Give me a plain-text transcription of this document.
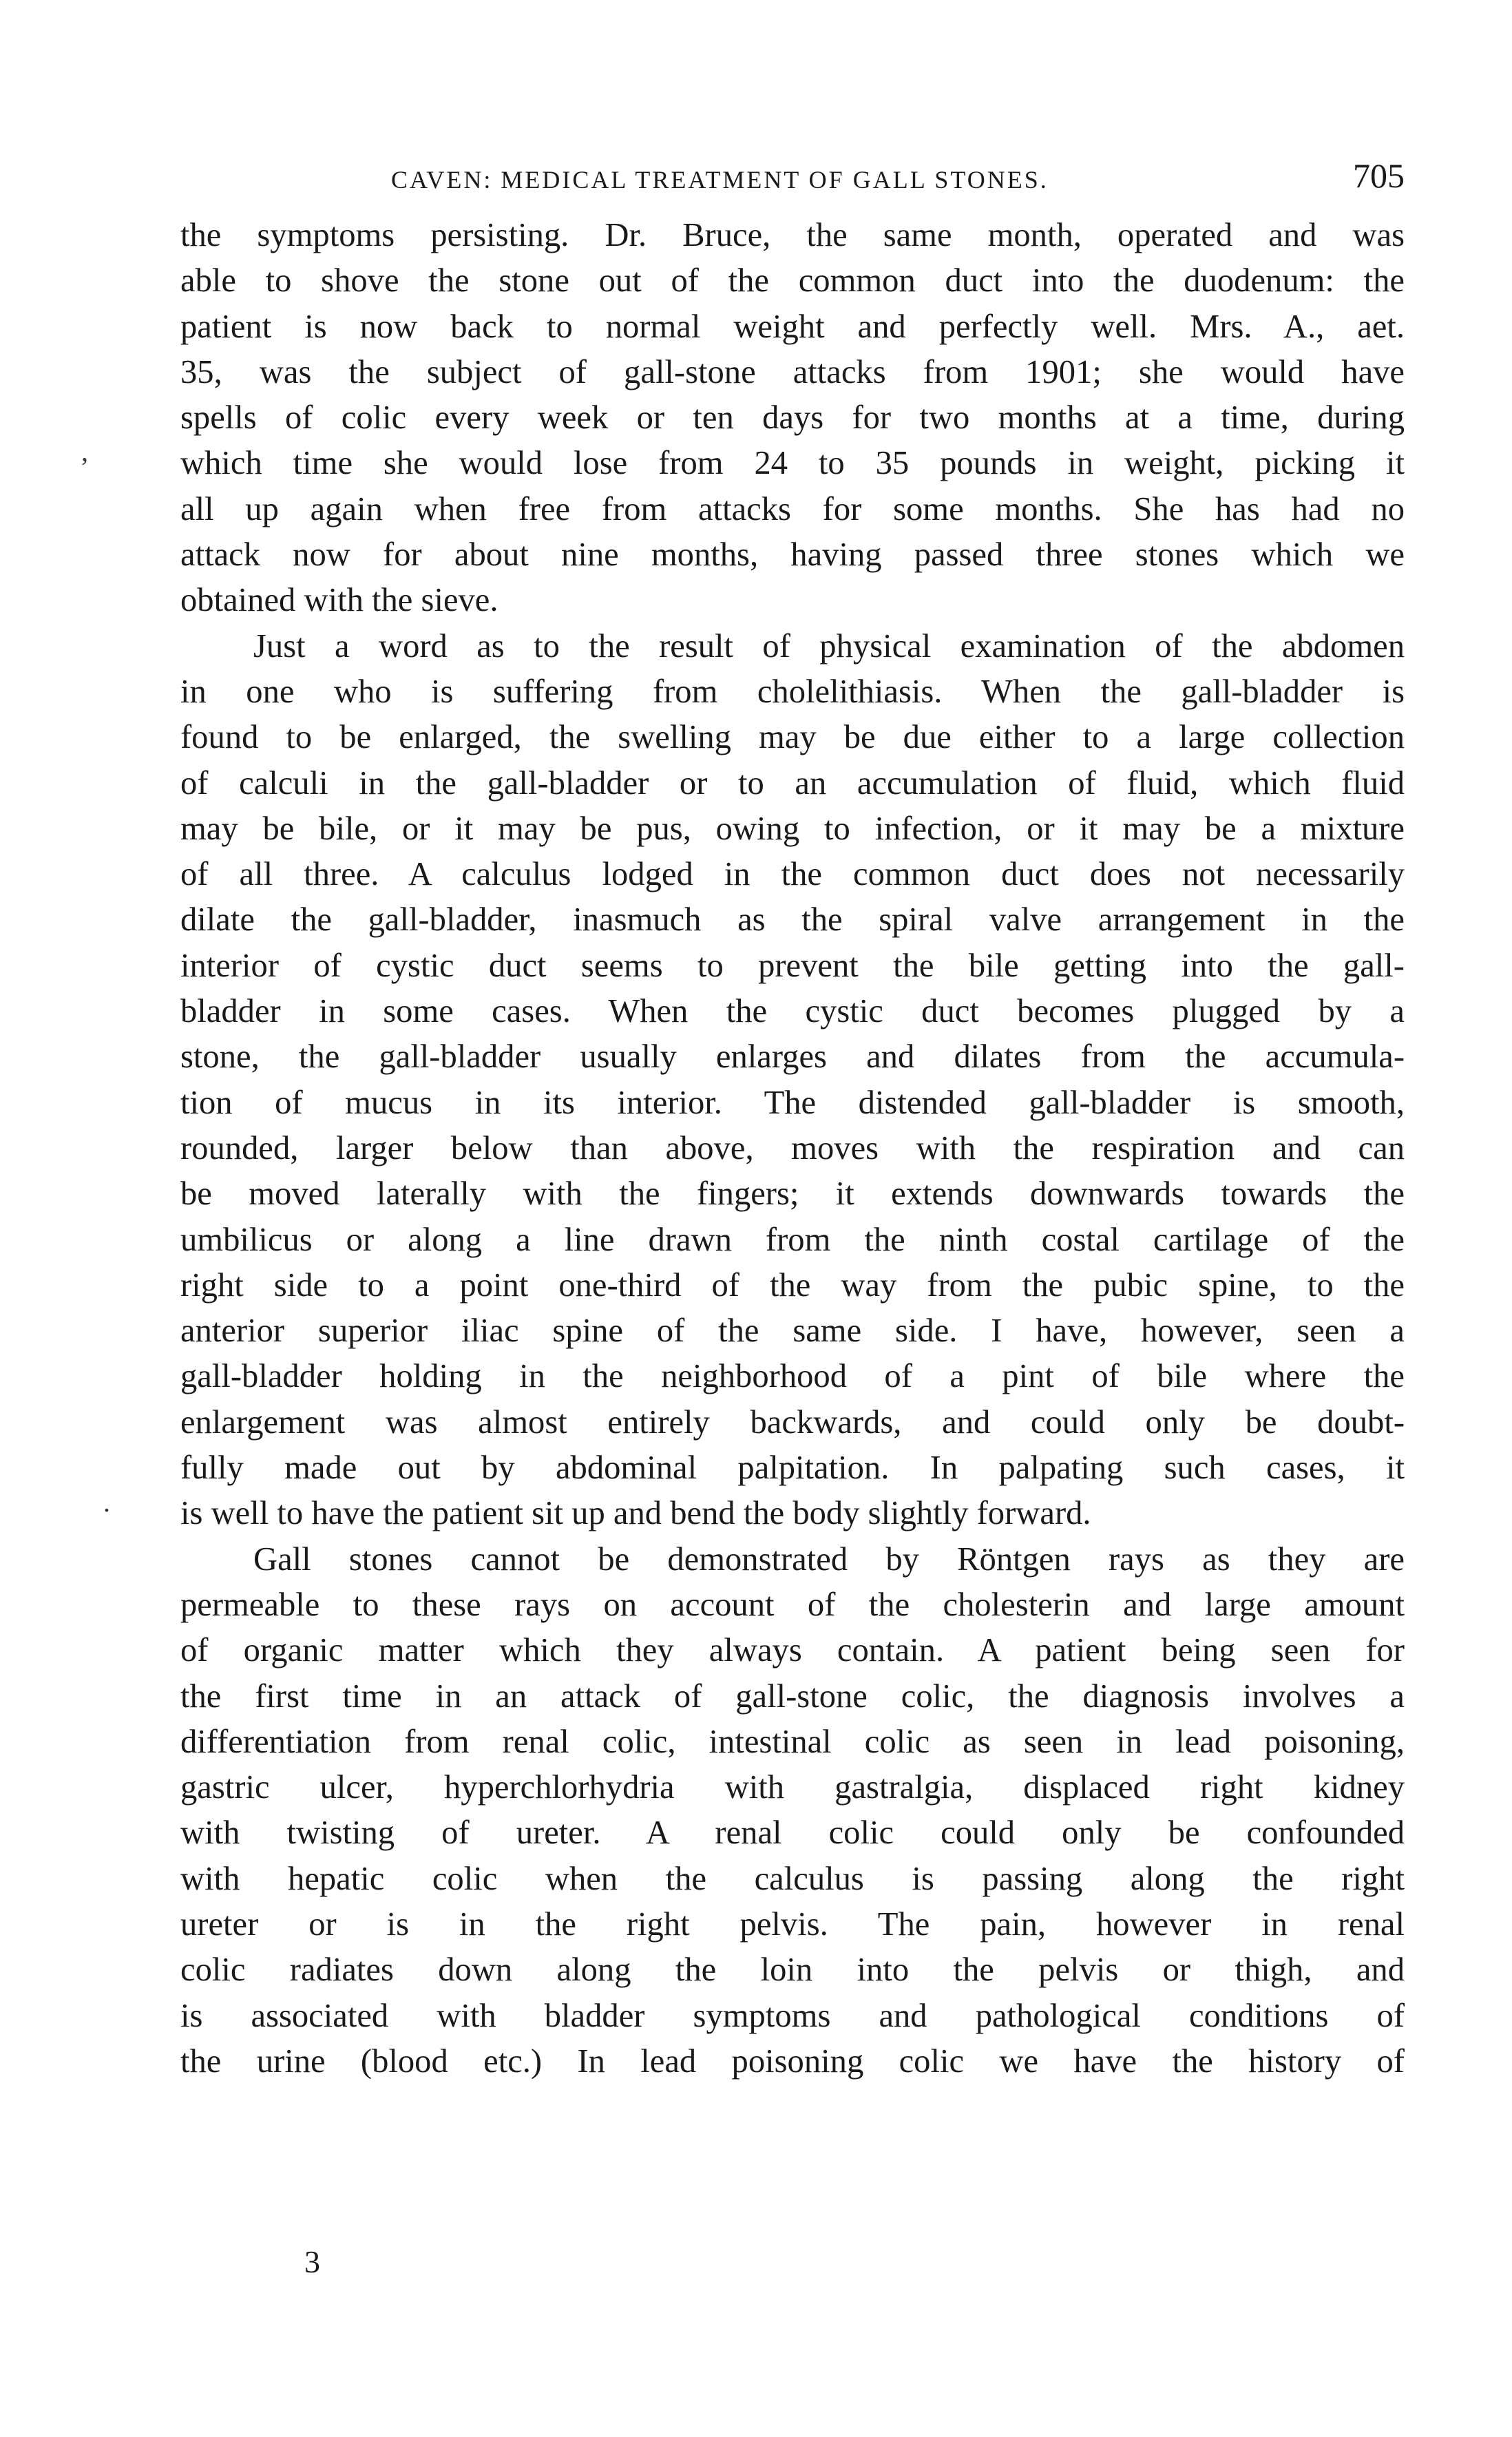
CAVEN: MEDICAL TREATMENT OF GALL STONES.	705
the symptoms persisting. Dr. Bruce, the same month, operated and was
able to shove the stone out of the common duct into the duodenum: the
patient is now back to normal weight and perfectly well. Mrs. A., aet.
35, was the subject of gall-stone attacks from 1901; she would have
spells of colic every week or ten days for two months at a time, during
which time she would lose from 24 to 35 pounds in weight, picking it
all up again when free from attacks for some months. She has had no
attack now for about nine months, having passed three stones which we
obtained with the sieve.
Just a word as to the result of physical examination of the abdomen
in one who is suffering from cholelithiasis. When the gall-bladder is
found to be enlarged, the swelling may be due either to a large collection
of calculi in the gall-bladder or to an accumulation of fluid, which fluid
may be bile, or it may be pus, owing to infection, or it may be a mixture
of all three. A calculus lodged in the common duct does not necessarily
dilate the gall-bladder, inasmuch as the spiral valve arrangement in the
interior of cystic duct seems to prevent the bile getting into the gall-
bladder in some cases. When the cystic duct becomes plugged by a
stone, the gall-bladder usually enlarges and dilates from the accumula-
tion of mucus in its interior. The distended gall-bladder is smooth,
rounded, larger below than above, moves with the respiration and can
be moved laterally with the fingers; it extends downwards towards the
umbilicus or along a line drawn from the ninth costal cartilage of the
right side to a point one-third of the way from the pubic spine, to the
anterior superior iliac spine of the same side. I have, however, seen a
gall-bladder holding in the neighborhood of a pint of bile where the
enlargement was almost entirely backwards, and could only be doubt-
fully made out by abdominal palpitation. In palpating such cases, it
is well to have the patient sit up and bend the body slightly forward.
Gall stones cannot be demonstrated by Röntgen rays as they are
permeable to these rays on account of the cholesterin and large amount
of organic matter which they always contain. A patient being seen for
the first time in an attack of gall-stone colic, the diagnosis involves a
differentiation from renal colic, intestinal colic as seen in lead poisoning,
gastric ulcer, hyperchlorhydria with gastralgia, displaced right kidney
with twisting of ureter. A renal colic could only be confounded
with hepatic colic when the calculus is passing along the right
ureter or is in the right pelvis. The pain, however in renal
colic radiates down along the loin into the pelvis or thigh, and
is associated with bladder symptoms and pathological conditions of
the urine (blood etc.) In lead poisoning colic we have the history of
3
,
.
